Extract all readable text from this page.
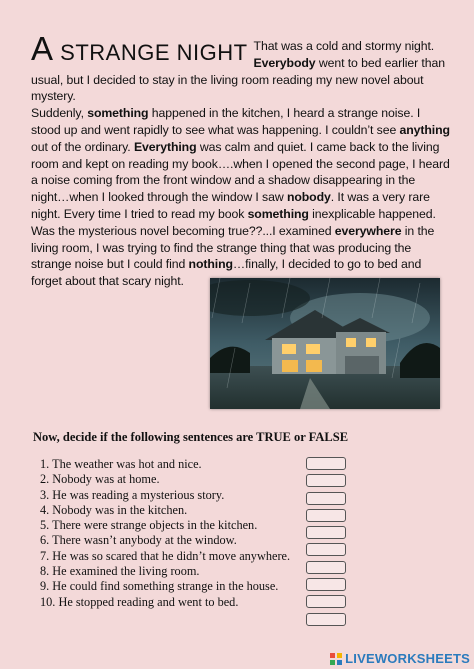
A STRANGE NIGHT That was a cold and stormy night. Everybody went to bed earlier than usual, but I decided to stay in the living room reading my new novel about mystery.
Suddenly, something happened in the kitchen, I heard a strange noise. I stood up and went rapidly to see what was happening. I couldn’t see anything out of the ordinary. Everything was calm and quiet. I came back to the living room and kept on reading my book….when I opened the second page, I heard a noise coming from the front window and a shadow disappearing in the night…when I looked through the window I saw nobody. It was a very rare night. Every time I tried to read my book something inexplicable happened. Was the mysterious novel becoming true??...I examined everywhere in the living room, I was trying to find the strange thing that was producing the strange noise but I could find nothing…finally, I decided to go to bed and forget about that scary night.
Now, decide if the following sentences are TRUE or FALSE
1. The weather was hot and nice.
2. Nobody was at home.
3. He was reading a mysterious story.
4. Nobody was in the kitchen.
5. There were strange objects in the kitchen.
6. There wasn’t anybody at the window.
7. He was so scared that he didn’t move anywhere.
8. He examined the living room.
9. He could find something strange in the house.
10. He stopped reading and went to bed.
LIVEWORKSHEETS
